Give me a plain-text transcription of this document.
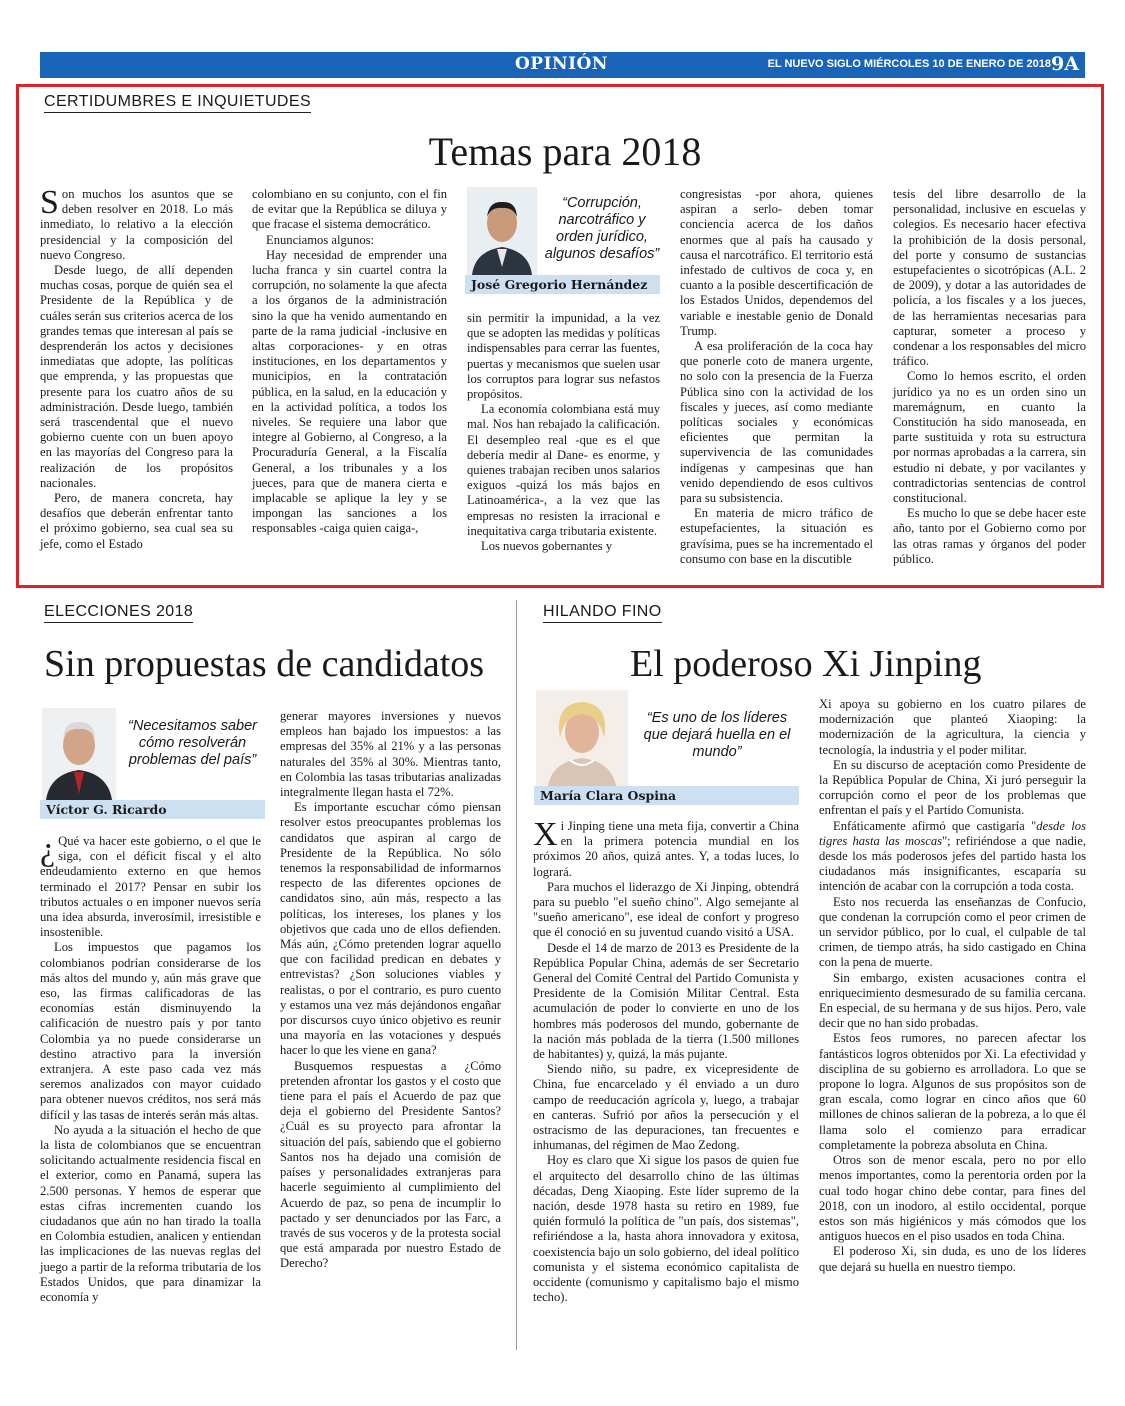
OPINIÓN	EL NUEVO SIGLO MIÉRCOLES 10 DE ENERO DE 2018 9A
CERTIDUMBRES E INQUIETUDES
Temas para 2018

Son muchos los asuntos que se deben resolver en 2018. Lo más inmediato, lo relativo a la elección presidencial y la composición del nuevo Congreso.

Desde luego, de allí dependen muchas cosas, porque de quién sea el Presidente de la República y de cuáles serán sus criterios acerca de los grandes temas que interesan al país se desprenderán los actos y decisiones inmediatas que adopte, las políticas que emprenda, y las propuestas que presente para los cuatro años de su administración. Desde luego, también será trascendental que el nuevo gobierno cuente con un buen apoyo en las mayorías del Congreso para la realización de los propósitos nacionales.

Pero, de manera concreta, hay desafíos que deberán enfrentar tanto el próximo gobierno, sea cual sea su jefe, como el Estado

colombiano en su conjunto, con el fin de evitar que la República se diluya y que fracase el sistema democrático.

Enunciamos algunos:

Hay necesidad de emprender una lucha franca y sin cuartel contra la corrupción, no solamente la que afecta a los órganos de la administración sino la que ha venido aumentando en parte de la rama judicial -inclusive en altas corporaciones- y en otras instituciones, en los departamentos y municipios, en la contratación pública, en la salud, en la educación y en la actividad política, a todos los niveles. Se requiere una labor que integre al Gobierno, al Congreso, a la Procuraduría General, a la Fiscalía General, a los tribunales y a los jueces, para que de manera cierta e implacable se aplique la ley y se impongan las sanciones a los responsables -caiga quien caiga-,

“Corrupción, narcotráfico y orden jurídico, algunos desafíos”
José Gregorio Hernández

sin permitir la impunidad, a la vez que se adopten las medidas y políticas indispensables para cerrar las fuentes, puertas y mecanismos que suelen usar los corruptos para lograr sus nefastos propósitos.

La economía colombiana está muy mal. Nos han rebajado la calificación. El desempleo real -que es el que debería medir al Dane- es enorme, y quienes trabajan reciben unos salarios exiguos -quizá los más bajos en Latinoamérica-, a la vez que las empresas no resisten la irracional e inequitativa carga tributaria existente.

Los nuevos gobernantes y

congresistas -por ahora, quienes aspiran a serlo- deben tomar conciencia acerca de los daños enormes que al país ha causado y causa el narcotráfico. El territorio está infestado de cultivos de coca y, en cuanto a la posible descertificación de los Estados Unidos, dependemos del variable e inestable genio de Donald Trump.

A esa proliferación de la coca hay que ponerle coto de manera urgente, no solo con la presencia de la Fuerza Pública sino con la actividad de los fiscales y jueces, así como mediante políticas sociales y económicas eficientes que permitan la supervivencia de las comunidades indígenas y campesinas que han venido dependiendo de esos cultivos para su subsistencia.

En materia de micro tráfico de estupefacientes, la situación es gravísima, pues se ha incrementado el consumo con base en la discutible

tesis del libre desarrollo de la personalidad, inclusive en escuelas y colegios. Es necesario hacer efectiva la prohibición de la dosis personal, del porte y consumo de sustancias estupefacientes o sicotrópicas (A.L. 2 de 2009), y dotar a las autoridades de policía, a los fiscales y a los jueces, de las herramientas necesarias para capturar, someter a proceso y condenar a los responsables del micro tráfico.

Como lo hemos escrito, el orden jurídico ya no es un orden sino un maremágnum, en cuanto la Constitución ha sido manoseada, en parte sustituida y rota su estructura por normas aprobadas a la carrera, sin estudio ni debate, y por vacilantes y contradictorias sentencias de control constitucional.

Es mucho lo que se debe hacer este año, tanto por el Gobierno como por las otras ramas y órganos del poder público.

ELECCIONES 2018
Sin propuestas de candidatos
“Necesitamos saber cómo resolverán problemas del país”
Víctor G. Ricardo

¿ Qué va hacer este gobierno, o el que le siga, con el déficit fiscal y el alto endeudamiento externo en que hemos terminado el 2017? Pensar en subir los tributos actuales o en imponer nuevos sería una idea absurda, inverosímil, irresistible e insostenible.

Los impuestos que pagamos los colombianos podrían considerarse de los más altos del mundo y, aún más grave que eso, las firmas calificadoras de las economías están disminuyendo la calificación de nuestro país y por tanto Colombia ya no puede considerarse un destino atractivo para la inversión extranjera. A este paso cada vez más seremos analizados con mayor cuidado para obtener nuevos créditos, nos será más difícil y las tasas de interés serán más altas.

No ayuda a la situación el hecho de que la lista de colombianos que se encuentran solicitando actualmente residencia fiscal en el exterior, como en Panamá, supera las 2.500 personas. Y hemos de esperar que estas cifras incrementen cuando los ciudadanos que aún no han tirado la toalla en Colombia estudien, analicen y entiendan las implicaciones de las nuevas reglas del juego a partir de la reforma tributaria de los Estados Unidos, que para dinamizar la economía y

generar mayores inversiones y nuevos empleos han bajado los impuestos: a las empresas del 35% al 21% y a las personas naturales del 35% al 30%. Mientras tanto, en Colombia las tasas tributarias analizadas integralmente llegan hasta el 72%.

Es importante escuchar cómo piensan resolver estos preocupantes problemas los candidatos que aspiran al cargo de Presidente de la República. No sólo tenemos la responsabilidad de informarnos respecto de las diferentes opciones de candidatos sino, aún más, respecto a las políticas, los intereses, los planes y los objetivos que cada uno de ellos defienden. Más aún, ¿Cómo pretenden lograr aquello que con facilidad predican en debates y entrevistas? ¿Son soluciones viables y realistas, o por el contrario, es puro cuento y estamos una vez más dejándonos engañar por discursos cuyo único objetivo es reunir una mayoría en las votaciones y después hacer lo que les viene en gana?

Busquemos respuestas a ¿Cómo pretenden afrontar los gastos y el costo que tiene para el país el Acuerdo de paz que deja el gobierno del Presidente Santos? ¿Cuál es su proyecto para afrontar la situación del país, sabiendo que el gobierno Santos nos ha dejado una comisión de países y personalidades extranjeras para hacerle seguimiento al cumplimiento del Acuerdo de paz, so pena de incumplir lo pactado y ser denunciados por las Farc, a través de sus voceros y de la protesta social que está amparada por nuestro Estado de Derecho?

HILANDO FINO
El poderoso Xi Jinping
“Es uno de los líderes que dejará huella en el mundo”
María Clara Ospina

Xi Jinping tiene una meta fija, convertir a China en la primera potencia mundial en los próximos 20 años, quizá antes. Y, a todas luces, lo logrará.

Para muchos el liderazgo de Xi Jinping, obtendrá para su pueblo "el sueño chino". Algo semejante al "sueño americano", ese ideal de confort y progreso que él conoció en su juventud cuando visitó a USA.

Desde el 14 de marzo de 2013 es Presidente de la República Popular China, además de ser Secretario General del Comité Central del Partido Comunista y Presidente de la Comisión Militar Central. Esta acumulación de poder lo convierte en uno de los hombres más poderosos del mundo, gobernante de la nación más poblada de la tierra (1.500 millones de habitantes) y, quizá, la más pujante.

Siendo niño, su padre, ex vicepresidente de China, fue encarcelado y él enviado a un duro campo de reeducación agrícola y, luego, a trabajar en canteras. Sufrió por años la persecución y el ostracismo de las depuraciones, tan frecuentes e inhumanas, del régimen de Mao Zedong.

Hoy es claro que Xi sigue los pasos de quien fue el arquitecto del desarrollo chino de las últimas décadas, Deng Xiaoping. Este líder supremo de la nación, desde 1978 hasta su retiro en 1989, fue quién formuló la política de "un país, dos sistemas", refiriéndose a la, hasta ahora innovadora y exitosa, coexistencia bajo un solo gobierno, del ideal político comunista y el sistema económico capitalista de occidente (comunismo y capitalismo bajo el mismo techo).

Xi apoya su gobierno en los cuatro pilares de modernización que planteó Xiaoping: la modernización de la agricultura, la ciencia y tecnología, la industria y el poder militar.

En su discurso de aceptación como Presidente de la República Popular de China, Xi juró perseguir la corrupción como el peor de los problemas que enfrentan el país y el Partido Comunista.

Enfáticamente afirmó que castigaría "desde los tigres hasta las moscas"; refiriéndose a que nadie, desde los más poderosos jefes del partido hasta los ciudadanos más insignificantes, escaparía su intención de acabar con la corrupción a toda costa.

Esto nos recuerda las enseñanzas de Confucio, que condenan la corrupción como el peor crimen de un servidor público, por lo cual, el culpable de tal crimen, de tiempo atrás, ha sido castigado en China con la pena de muerte.

Sin embargo, existen acusaciones contra el enriquecimiento desmesurado de su familia cercana. En especial, de su hermana y de sus hijos. Pero, vale decir que no han sido probadas.

Estos feos rumores, no parecen afectar los fantásticos logros obtenidos por Xi. La efectividad y disciplina de su gobierno es arrolladora. Lo que se propone lo logra. Algunos de sus propósitos son de gran escala, como lograr en cinco años que 60 millones de chinos salieran de la pobreza, a lo que él llama solo el comienzo para erradicar completamente la pobreza absoluta en China.

Otros son de menor escala, pero no por ello menos importantes, como la perentoria orden por la cual todo hogar chino debe contar, para fines del 2018, con un inodoro, al estilo occidental, porque estos son más higiénicos y más cómodos que los antiguos huecos en el piso usados en toda China.

El poderoso Xi, sin duda, es uno de los líderes que dejará su huella en nuestro tiempo.
